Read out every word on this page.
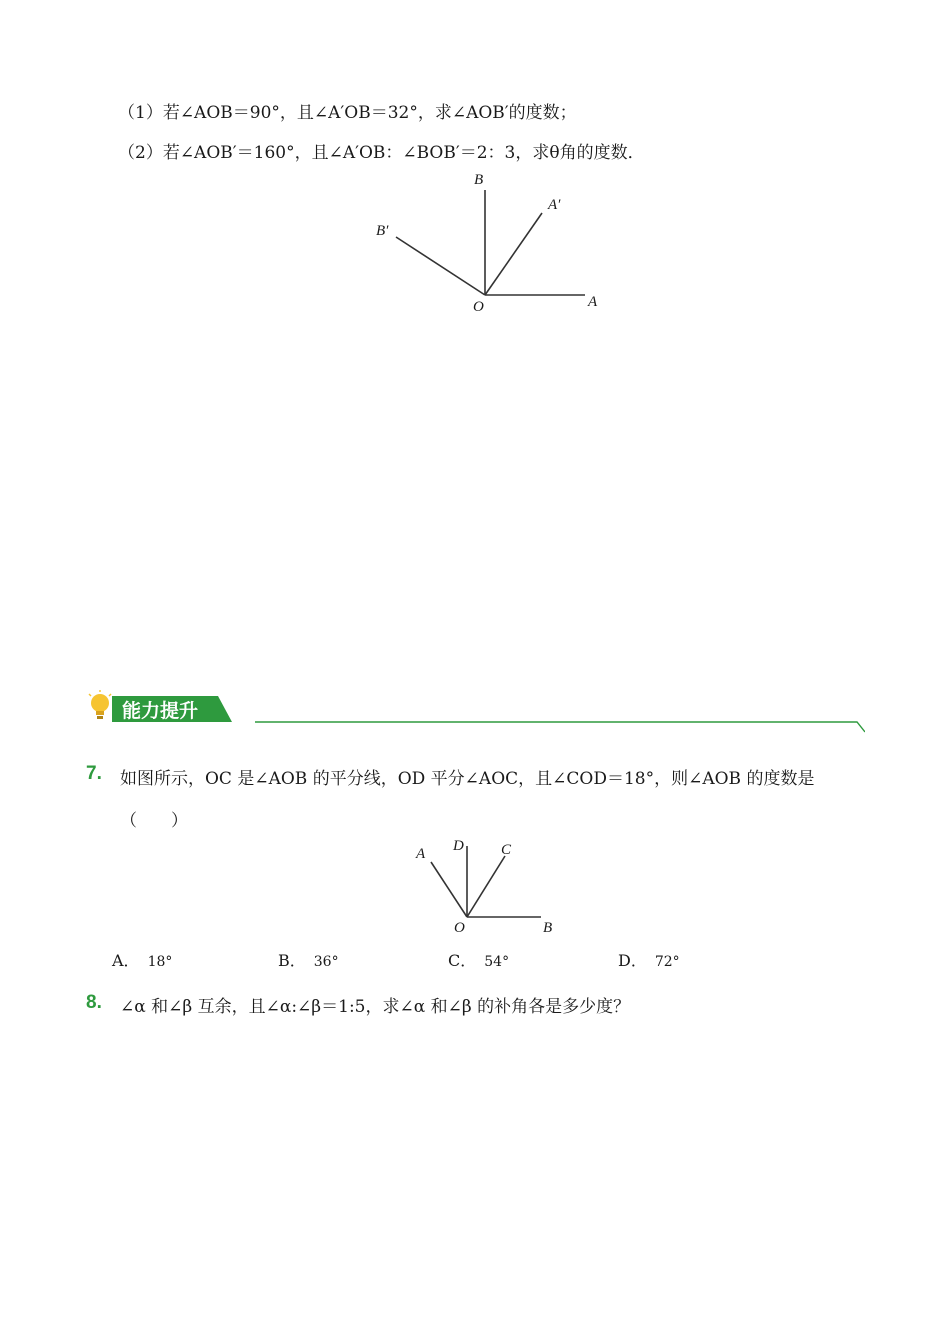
（1）若∠AOB＝90°，且∠A′OB＝32°，求∠AOB′的度数；
（2）若∠AOB′＝160°，且∠A′OB：∠BOB′＝2：3，求θ角的度数．
B
A′
B′
O	A
能力提升
7. 如图所示，OC 是∠AOB 的平分线，OD 平分∠AOC，且∠COD＝18°，则∠AOB 的度数是
（　　）
A D C
O	B
A． 18°	B． 36°	C． 54°	D． 72°
8. ∠α 和∠β 互余，且∠α:∠β＝1:5，求∠α 和∠β 的补角各是多少度？
